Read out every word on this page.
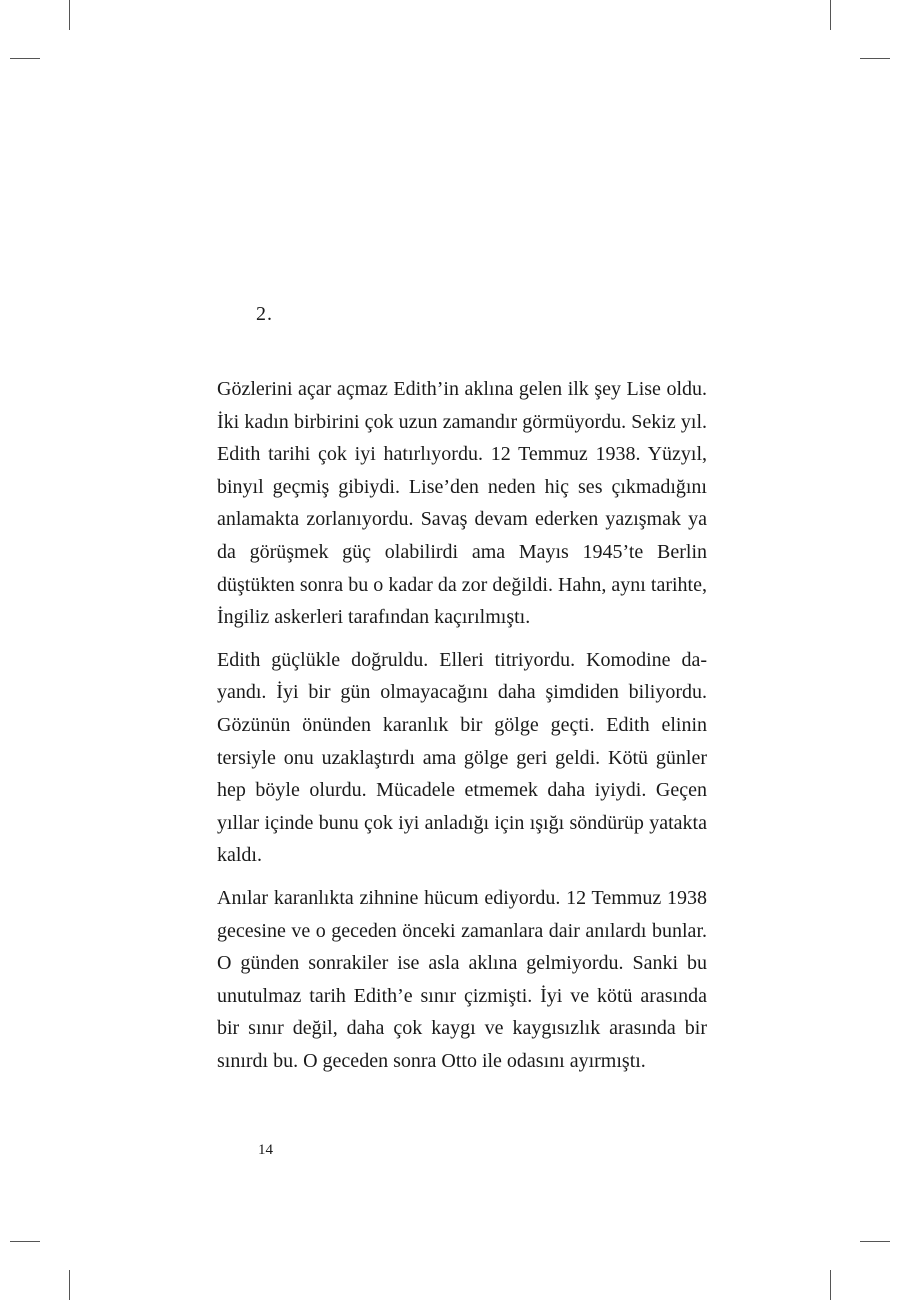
2.

Gözlerini açar açmaz Edith’in aklına gelen ilk şey Lise oldu. İki kadın birbirini çok uzun zamandır görmüyordu. Sekiz yıl. Edith tarihi çok iyi hatırlıyordu. 12 Temmuz 1938. Yüzyıl, binyıl geçmiş gibiydi. Lise’den neden hiç ses çıkmadığını anlamakta zorlanıyordu. Savaş devam ederken yazışmak ya da görüşmek güç olabilirdi ama Mayıs 1945’te Berlin düştükten sonra bu o kadar da zor değildi. Hahn, aynı tarihte, İngiliz askerleri tarafından kaçırılmıştı.

Edith güçlükle doğruldu. Elleri titriyordu. Komodine dayandı. İyi bir gün olmayacağını daha şimdiden biliyordu. Gözünün önünden karanlık bir gölge geçti. Edith elinin tersiyle onu uzaklaştırdı ama gölge geri geldi. Kötü günler hep böyle olurdu. Mücadele etmemek daha iyiydi. Geçen yıllar içinde bunu çok iyi anladığı için ışığı söndürüp yatakta kaldı.

Anılar karanlıkta zihnine hücum ediyordu. 12 Temmuz 1938 gecesine ve o geceden önceki zamanlara dair anılardı bunlar. O günden sonrakiler ise asla aklına gelmiyordu. Sanki bu unutulmaz tarih Edith’e sınır çizmişti. İyi ve kötü arasında bir sınır değil, daha çok kaygı ve kaygısızlık arasında bir sınırdı bu. O geceden sonra Otto ile odasını ayırmıştı.

14
